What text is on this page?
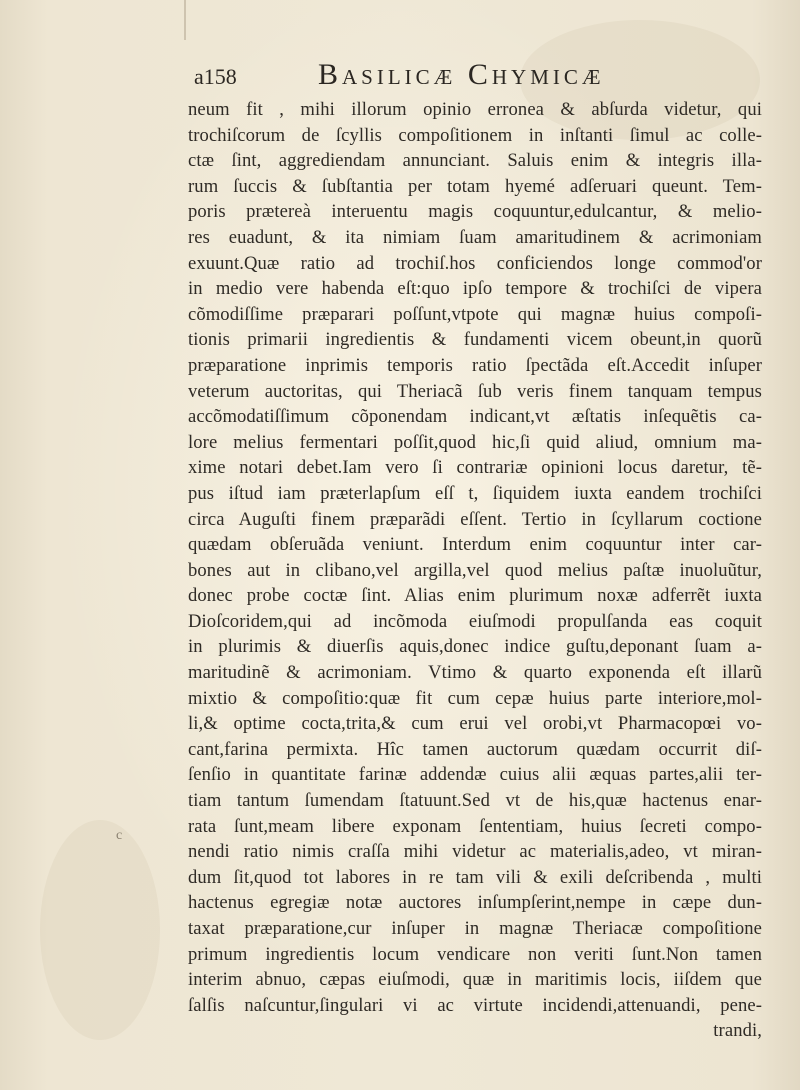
a158	Basilicæ Chymicæ
neum fit , mihi illorum opinio erronea & abſurda videtur, qui
trochiſcorum de ſcyllis compoſitionem in inſtanti ſimul ac colle-
ctæ ſint, aggrediendam annunciant. Saluis enim & integris illa-
rum ſuccis & ſubſtantia per totam hyemé adſeruari queunt. Tem-
poris prætereà interuentu magis coquuntur,edulcantur, & melio-
res euadunt, & ita nimiam ſuam amaritudinem & acrimoniam
exuunt.Quæ ratio ad trochiſ.hos conficiendos longe commod'or
in medio vere habenda eſt:quo ipſo tempore & trochiſci de vipera
cõmodiſſime præparari poſſunt,vtpote qui magnæ huius compoſi-
tionis primarii ingredientis & fundamenti vicem obeunt,in quorũ
præparatione inprimis temporis ratio ſpectãda eſt.Accedit inſuper
veterum auctoritas, qui Theriacã ſub veris finem tanquam tempus
accõmodatiſſimum cõponendam indicant,vt æſtatis inſequẽtis ca-
lore melius fermentari poſſit,quod hic,ſi quid aliud, omnium ma-
xime notari debet.Iam vero ſi contrariæ opinioni locus daretur, tẽ-
pus iſtud iam præterlapſum eſſ t, ſiquidem iuxta eandem trochiſci
circa Auguſti finem præparãdi eſſent. Tertio in ſcyllarum coctione
quædam obſeruãda veniunt. Interdum enim coquuntur inter car-
bones aut in clibano,vel argilla,vel quod melius paſtæ inuoluũtur,
donec probe coctæ ſint. Alias enim plurimum noxæ adferrẽt iuxta
Dioſcoridem,qui ad incõmoda eiuſmodi propulſanda eas coquit
in plurimis & diuerſis aquis,donec indice guſtu,deponant ſuam a-
maritudinẽ & acrimoniam. Vtimo & quarto exponenda eſt illarũ
mixtio & compoſitio:quæ fit cum cepæ huius parte interiore,mol-
li,& optime cocta,trita,& cum erui vel orobi,vt Pharmacopœi vo-
cant,farina permixta. Hîc tamen auctorum quædam occurrit diſ-
ſenſio in quantitate farinæ addendæ cuius alii æquas partes,alii ter-
tiam tantum ſumendam ſtatuunt.Sed vt de his,quæ hactenus enar-
rata ſunt,meam libere exponam ſententiam, huius ſecreti compo-
nendi ratio nimis craſſa mihi videtur ac materialis,adeo, vt miran-
dum ſit,quod tot labores in re tam vili & exili deſcribenda , multi
hactenus egregiæ notæ auctores inſumpſerint,nempe in cæpe dun-
taxat præparatione,cur inſuper in magnæ Theriacæ compoſitione
primum ingredientis locum vendicare non veriti ſunt.Non tamen
interim abnuo, cæpas eiuſmodi, quæ in maritimis locis, iiſdem que
ſalſis naſcuntur,ſingulari vi ac virtute incidendi,attenuandi, pene-
trandi,
c
